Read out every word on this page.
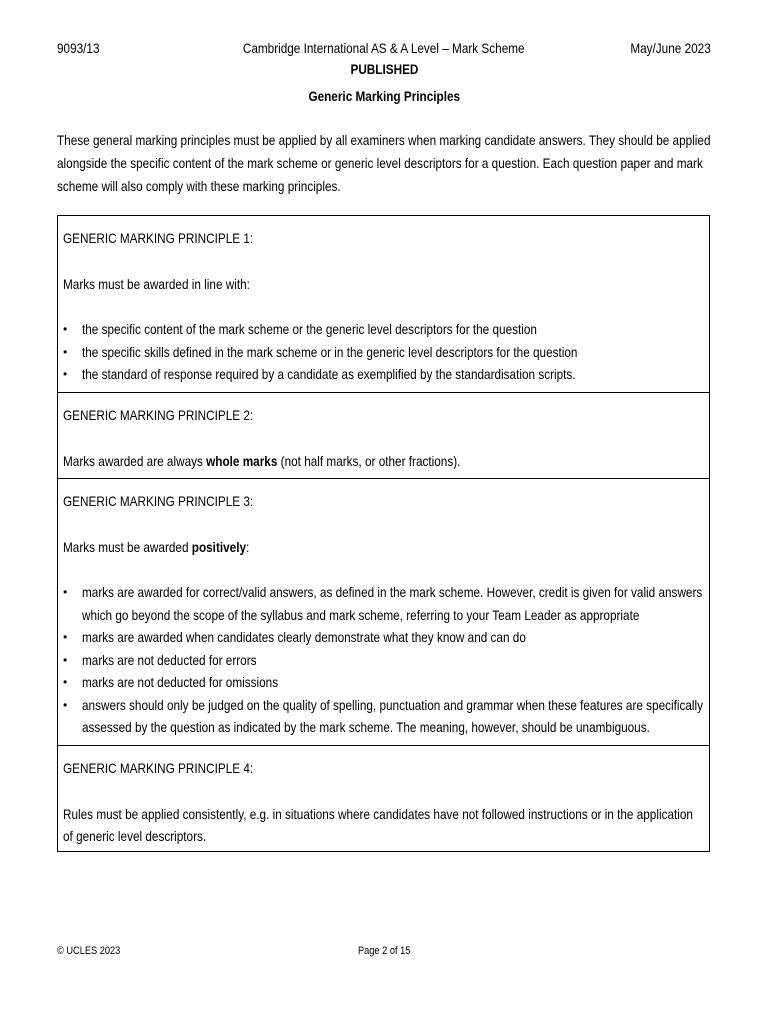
9093/13	Cambridge International AS & A Level – Mark Scheme	May/June 2023
PUBLISHED
Generic Marking Principles
These general marking principles must be applied by all examiners when marking candidate answers. They should be applied alongside the specific content of the mark scheme or generic level descriptors for a question. Each question paper and mark scheme will also comply with these marking principles.

GENERIC MARKING PRINCIPLE 1:

Marks must be awarded in line with:

• the specific content of the mark scheme or the generic level descriptors for the question
• the specific skills defined in the mark scheme or in the generic level descriptors for the question
• the standard of response required by a candidate as exemplified by the standardisation scripts.

GENERIC MARKING PRINCIPLE 2:

Marks awarded are always whole marks (not half marks, or other fractions).

GENERIC MARKING PRINCIPLE 3:

Marks must be awarded positively:

• marks are awarded for correct/valid answers, as defined in the mark scheme. However, credit is given for valid answers which go beyond the scope of the syllabus and mark scheme, referring to your Team Leader as appropriate
• marks are awarded when candidates clearly demonstrate what they know and can do
• marks are not deducted for errors
• marks are not deducted for omissions
• answers should only be judged on the quality of spelling, punctuation and grammar when these features are specifically assessed by the question as indicated by the mark scheme. The meaning, however, should be unambiguous.

GENERIC MARKING PRINCIPLE 4:

Rules must be applied consistently, e.g. in situations where candidates have not followed instructions or in the application of generic level descriptors.

© UCLES 2023	Page 2 of 15
